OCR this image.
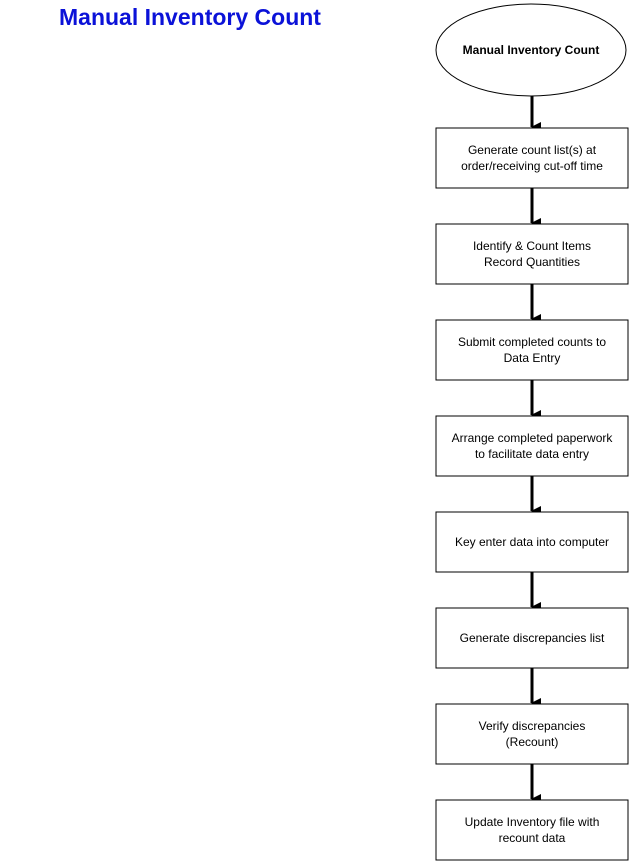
Manual Inventory Count
Manual Inventory Count
Generate count list(s) at
order/receiving cut-off time
Identify & Count Items
Record Quantities
Submit completed counts to
Data Entry
Arrange completed paperwork
to facilitate data entry
Key enter data into computer
Generate discrepancies list
Verify discrepancies
(Recount)
Update Inventory file with
recount data
